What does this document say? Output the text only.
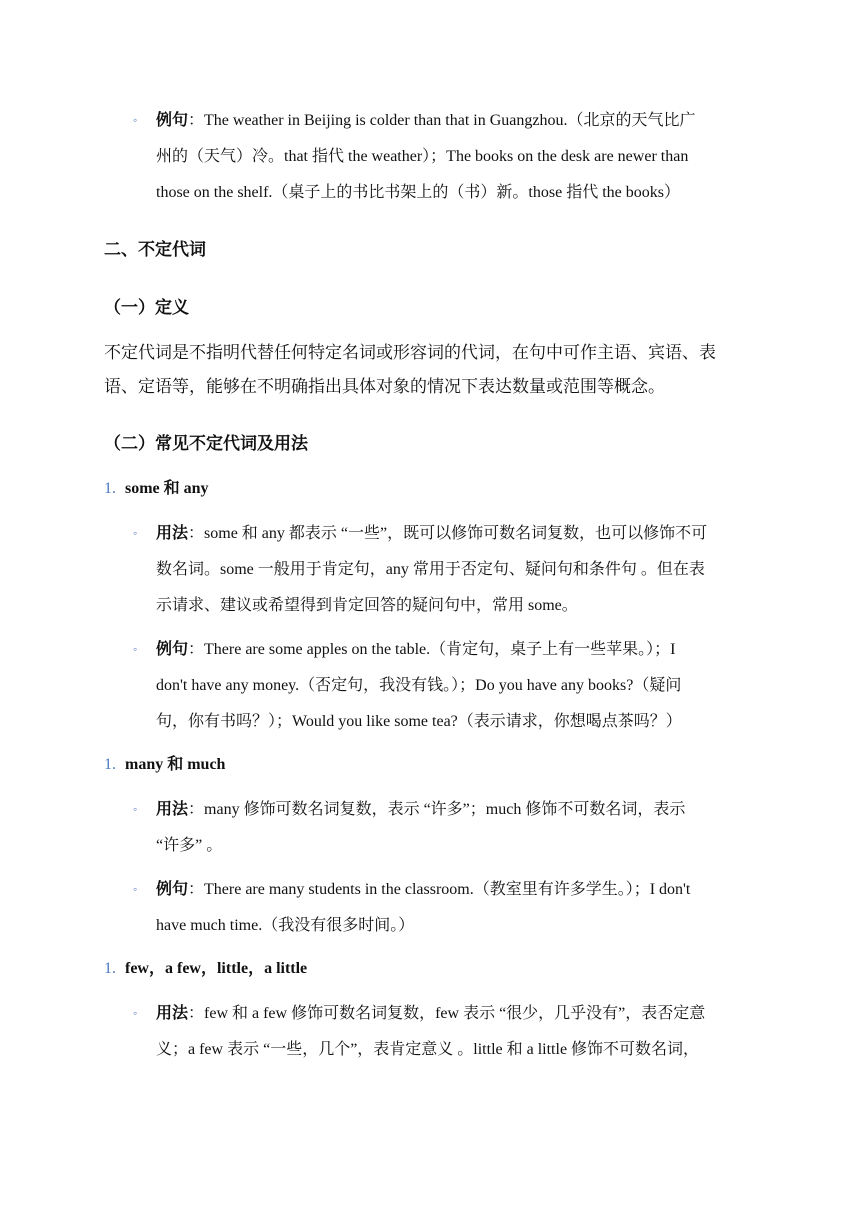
◦	例句：The weather in Beijing is colder than that in Guangzhou.（北京的天气比广
州的（天气）冷。that 指代 the weather）；The books on the desk are newer than
those on the shelf.（桌子上的书比书架上的（书）新。those 指代 the books）
二、不定代词
（一）定义
不定代词是不指明代替任何特定名词或形容词的代词，在句中可作主语、宾语、表
语、定语等，能够在不明确指出具体对象的情况下表达数量或范围等概念。
（二）常见不定代词及用法
1. some 和 any
◦	用法：some 和 any 都表示 “一些”，既可以修饰可数名词复数，也可以修饰不可
数名词。some 一般用于肯定句，any 常用于否定句、疑问句和条件句 。但在表
示请求、建议或希望得到肯定回答的疑问句中，常用 some。
◦	例句：There are some apples on the table.（肯定句，桌子上有一些苹果。）；I
don't have any money.（否定句，我没有钱。）；Do you have any books?（疑问
句，你有书吗？）；Would you like some tea?（表示请求，你想喝点茶吗？）
1. many 和 much
◦	用法：many 修饰可数名词复数，表示 “许多”；much 修饰不可数名词，表示
“许多” 。
◦	例句：There are many students in the classroom.（教室里有许多学生。）；I don't
have much time.（我没有很多时间。）
1. few，a few，little，a little
◦	用法：few 和 a few 修饰可数名词复数，few 表示 “很少，几乎没有”，表否定意
义；a few 表示 “一些，几个”，表肯定意义 。little 和 a little 修饰不可数名词，
